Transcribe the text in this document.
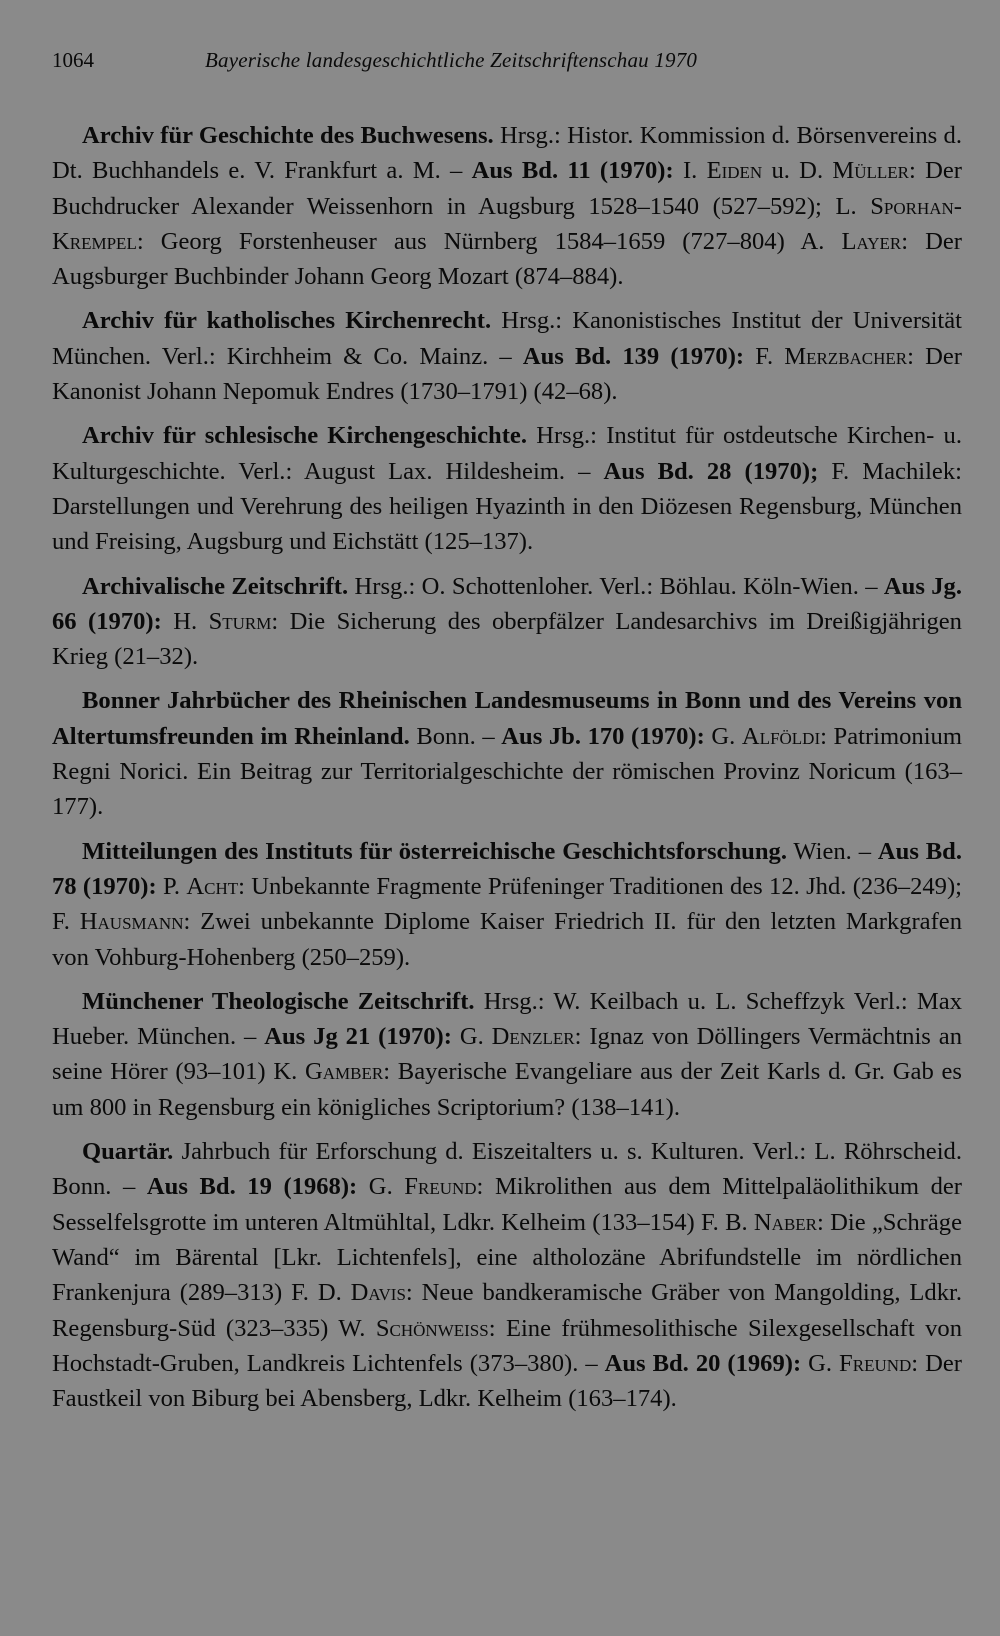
1064	Bayerische landesgeschichtliche Zeitschriftenschau 1970

Archiv für Geschichte des Buchwesens. Hrsg.: Histor. Kommission d. Börsenvereins d. Dt. Buchhandels e. V. Frankfurt a. M. – Aus Bd. 11 (1970): I. Eiden u. D. Müller: Der Buchdrucker Alexander Weissenhorn in Augsburg 1528–1540 (527–592); L. Sporhan-Krempel: Georg Forstenheuser aus Nürnberg 1584–1659 (727–804) A. Layer: Der Augsburger Buchbinder Johann Georg Mozart (874–884).

Archiv für katholisches Kirchenrecht. Hrsg.: Kanonistisches Institut der Universität München. Verl.: Kirchheim & Co. Mainz. – Aus Bd. 139 (1970): F. Merzbacher: Der Kanonist Johann Nepomuk Endres (1730–1791) (42–68).

Archiv für schlesische Kirchengeschichte. Hrsg.: Institut für ostdeutsche Kirchen- u. Kulturgeschichte. Verl.: August Lax. Hildesheim. – Aus Bd. 28 (1970); F. Machilek: Darstellungen und Verehrung des heiligen Hyazinth in den Diözesen Regensburg, München und Freising, Augsburg und Eichstätt (125–137).

Archivalische Zeitschrift. Hrsg.: O. Schottenloher. Verl.: Böhlau. Köln-Wien. – Aus Jg. 66 (1970): H. Sturm: Die Sicherung des oberpfälzer Landesarchivs im Dreißigjährigen Krieg (21–32).

Bonner Jahrbücher des Rheinischen Landesmuseums in Bonn und des Vereins von Altertumsfreunden im Rheinland. Bonn. – Aus Jb. 170 (1970): G. Alföldi: Patrimonium Regni Norici. Ein Beitrag zur Territorialgeschichte der römischen Provinz Noricum (163–177).

Mitteilungen des Instituts für österreichische Geschichtsforschung. Wien. – Aus Bd. 78 (1970): P. Acht: Unbekannte Fragmente Prüfeninger Traditionen des 12. Jhd. (236–249); F. Hausmann: Zwei unbekannte Diplome Kaiser Friedrich II. für den letzten Markgrafen von Vohburg-Hohenberg (250–259).

Münchener Theologische Zeitschrift. Hrsg.: W. Keilbach u. L. Scheffzyk Verl.: Max Hueber. München. – Aus Jg 21 (1970): G. Denzler: Ignaz von Döllingers Vermächtnis an seine Hörer (93–101) K. Gamber: Bayerische Evangeliare aus der Zeit Karls d. Gr. Gab es um 800 in Regensburg ein königliches Scriptorium? (138–141).

Quartär. Jahrbuch für Erforschung d. Eiszeitalters u. s. Kulturen. Verl.: L. Röhrscheid. Bonn. – Aus Bd. 19 (1968): G. Freund: Mikrolithen aus dem Mittelpaläolithikum der Sesselfelsgrotte im unteren Altmühltal, Ldkr. Kelheim (133–154) F. B. Naber: Die „Schräge Wand“ im Bärental [Lkr. Lichtenfels], eine altholozäne Abrifundstelle im nördlichen Frankenjura (289–313) F. D. Davis: Neue bandkeramische Gräber von Mangolding, Ldkr. Regensburg-Süd (323–335) W. Schönweiss: Eine frühmesolithische Silexgesellschaft von Hochstadt-Gruben, Landkreis Lichtenfels (373–380). – Aus Bd. 20 (1969): G. Freund: Der Faustkeil von Biburg bei Abensberg, Ldkr. Kelheim (163–174).
